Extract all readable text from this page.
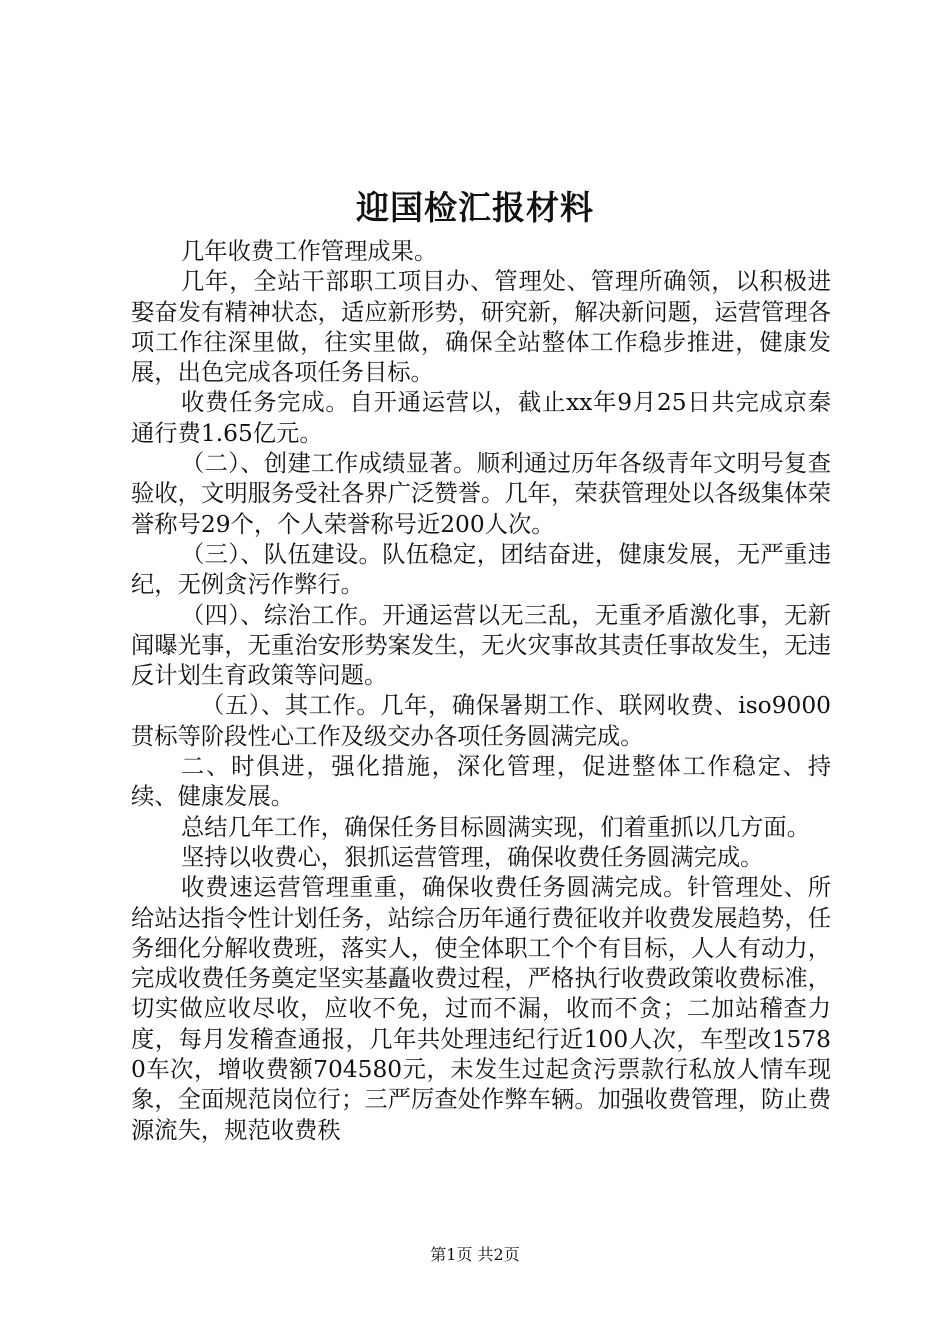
迎国检汇报材料

几年收费工作管理成果。

几年，全站干部职工项目办、管理处、管理所确领，以积极进娶奋发有精神状态，适应新形势，研究新，解决新问题，运营管理各项工作往深里做，往实里做，确保全站整体工作稳步推进，健康发展，出色完成各项任务目标。

收费任务完成。自开通运营以，截止xx年9月25日共完成京秦通行费1.65亿元。

（二）、创建工作成绩显著。顺利通过历年各级青年文明号复查验收，文明服务受社各界广泛赞誉。几年，荣获管理处以各级集体荣誉称号29个，个人荣誉称号近200人次。

（三）、队伍建设。队伍稳定，团结奋进，健康发展，无严重违纪，无例贪污作弊行。

（四）、综治工作。开通运营以无三乱，无重矛盾激化事，无新闻曝光事，无重治安形势案发生，无火灾事故其责任事故发生，无违反计划生育政策等问题。

（五）、其工作。几年，确保暑期工作、联网收费、iso9000贯标等阶段性心工作及级交办各项任务圆满完成。

二、时俱进，强化措施，深化管理，促进整体工作稳定、持续、健康发展。

总结几年工作，确保任务目标圆满实现，们着重抓以几方面。

坚持以收费心，狠抓运营管理，确保收费任务圆满完成。

收费速运营管理重重，确保收费任务圆满完成。针管理处、所给站达指令性计划任务，站综合历年通行费征收并收费发展趋势，任务细化分解收费班，落实人，使全体职工个个有目标，人人有动力，完成收费任务奠定坚实基矗收费过程，严格执行收费政策收费标准，切实做应收尽收，应收不免，过而不漏，收而不贪；二加站稽查力度，每月发稽查通报，几年共处理违纪行近100人次，车型改15780车次，增收费额704580元，未发生过起贪污票款行私放人情车现象，全面规范岗位行；三严厉查处作弊车辆。加强收费管理，防止费源流失，规范收费秩

第1页 共2页
